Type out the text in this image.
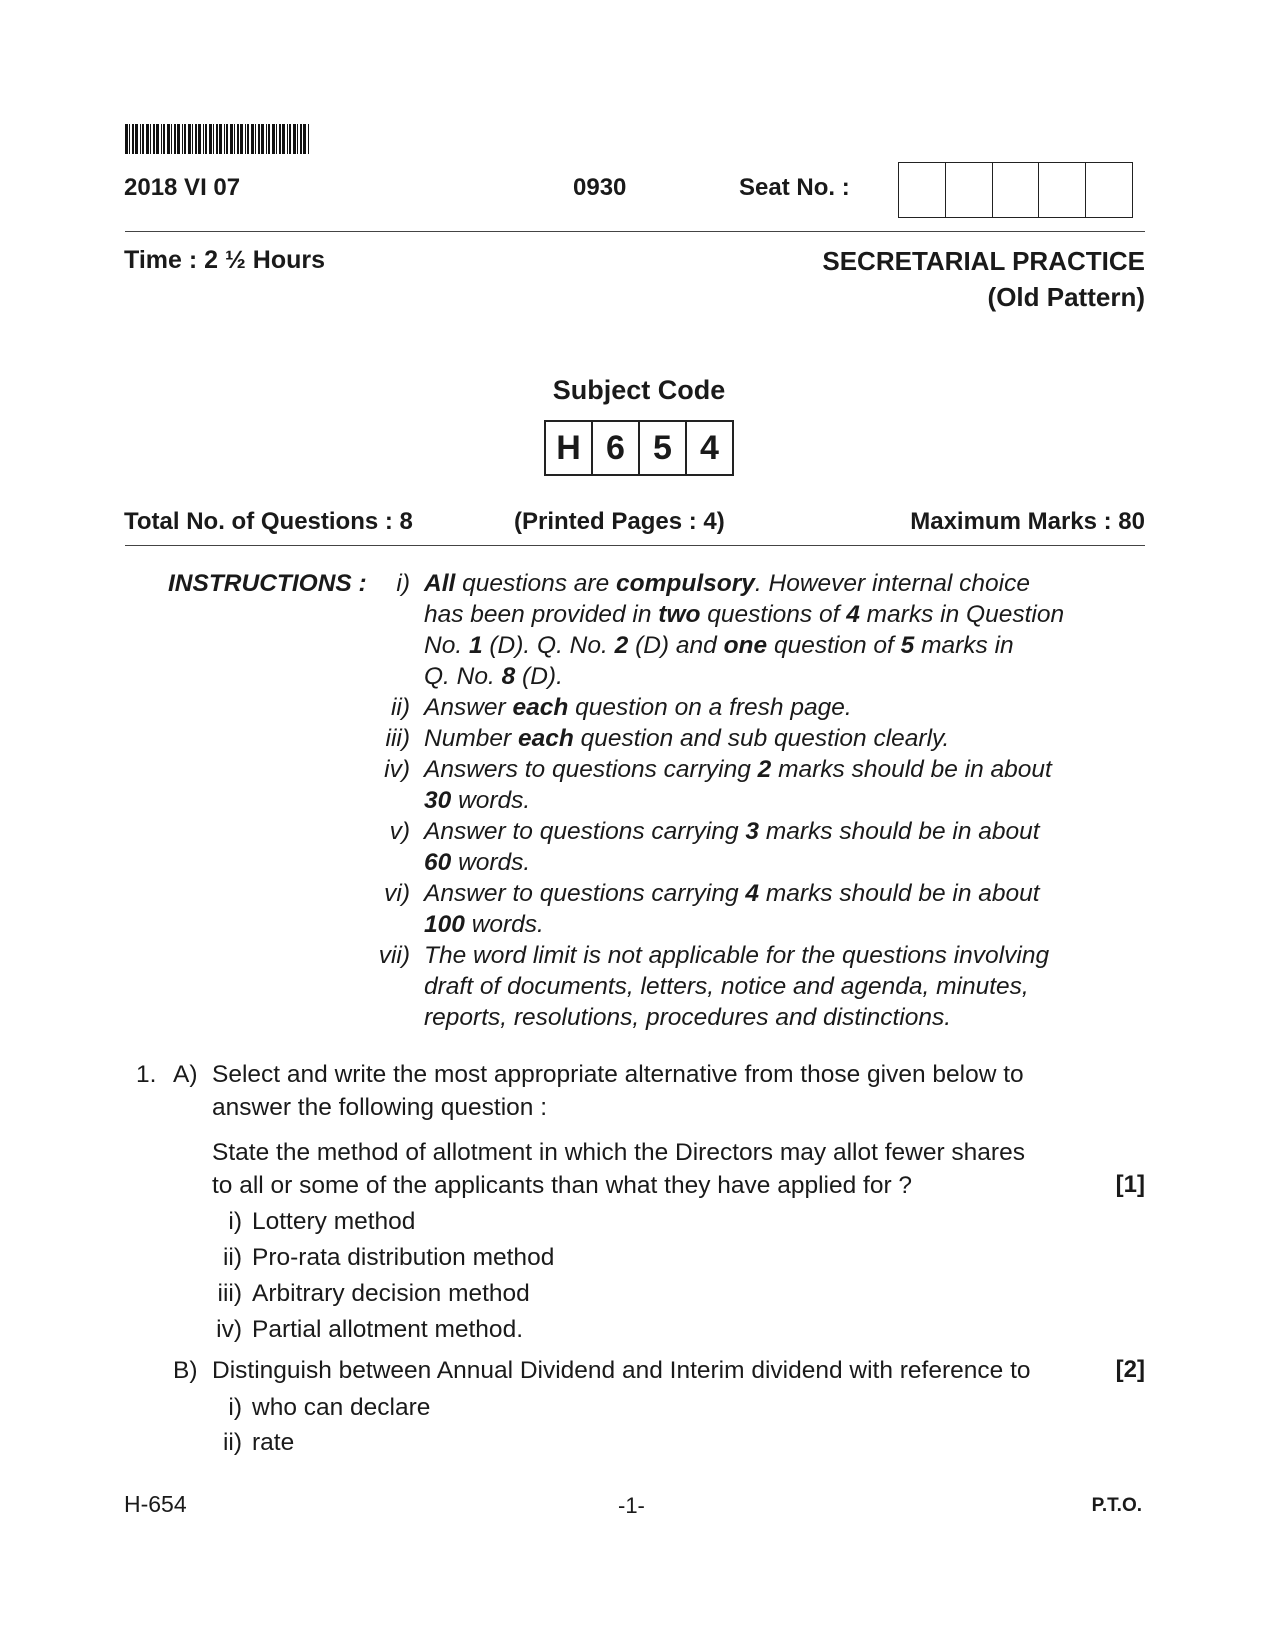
2018 VI 07	0930	Seat No. :
Time : 2 ½ Hours	SECRETARIAL PRACTICE
(Old Pattern)
Subject Code
H 6 5 4
Total No. of Questions : 8	(Printed Pages : 4)	Maximum Marks : 80
INSTRUCTIONS :	i) All questions are compulsory. However internal choice
has been provided in two questions of 4 marks in Question
No. 1 (D). Q. No. 2 (D) and one question of 5 marks in
Q. No. 8 (D).
ii) Answer each question on a fresh page.
iii) Number each question and sub question clearly.
iv) Answers to questions carrying 2 marks should be in about
30 words.
v) Answer to questions carrying 3 marks should be in about
60 words.
vi) Answer to questions carrying 4 marks should be in about
100 words.
vii) The word limit is not applicable for the questions involving
draft of documents, letters, notice and agenda, minutes,
reports, resolutions, procedures and distinctions.
1. A) Select and write the most appropriate alternative from those given below to
answer the following question :
State the method of allotment in which the Directors may allot fewer shares
to all or some of the applicants than what they have applied for ?	[1]
i) Lottery method
ii) Pro-rata distribution method
iii) Arbitrary decision method
iv) Partial allotment method.
B) Distinguish between Annual Dividend and Interim dividend with reference to	[2]
i) who can declare
ii) rate
H-654	-1-	P.T.O.
